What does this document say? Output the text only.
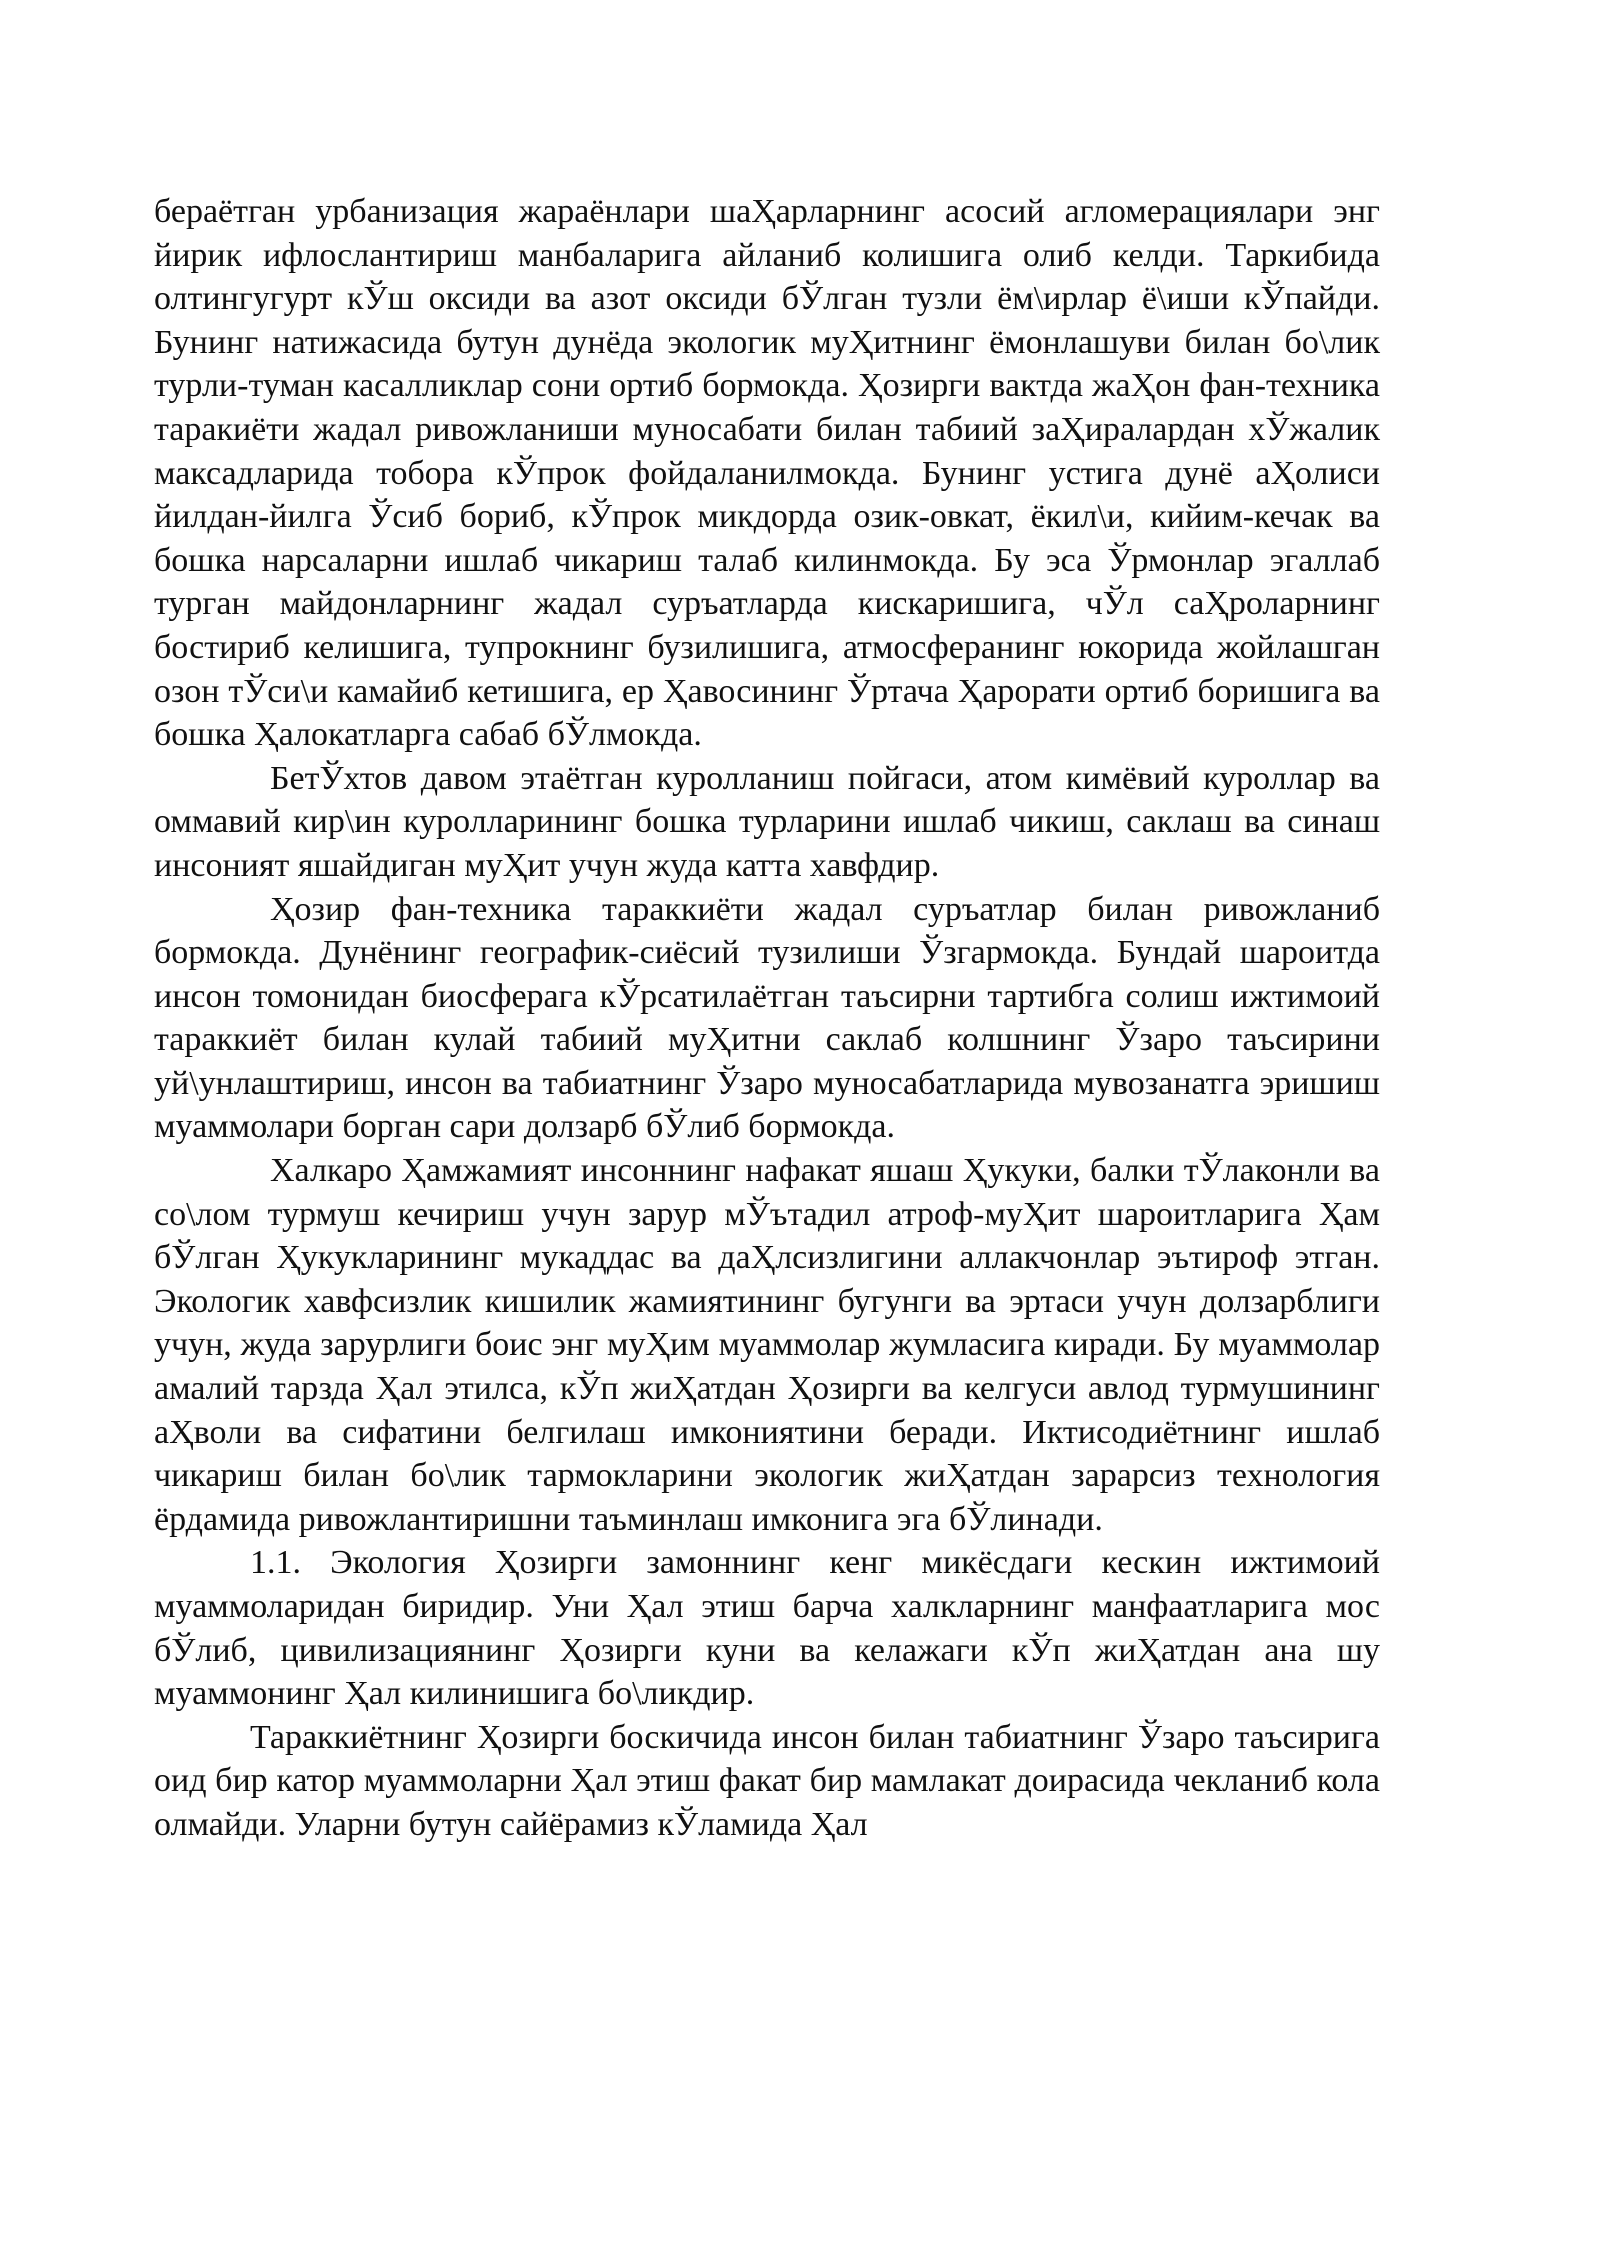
бераётган урбанизация жараёнлари шаҲарларнинг асосий агломерациялари энг йирик ифлослантириш манбаларига айланиб колишига олиб келди. Таркибида олтингугурт кЎш оксиди ва азот оксиди бЎлган тузли ём\ирлар ё\иши кЎпайди. Бунинг натижасида бутун дунёда экологик муҲитнинг ёмонлашуви билан бо\лик турли-туман касалликлар сони ортиб бормокда. Ҳозирги вактда жаҲон фан-техника таракиёти жадал ривожланиши муносабати билан табиий заҲиралардан хЎжалик максадларида тобора кЎпрок фойдаланилмокда. Бунинг устига дунё аҲолиси йилдан-йилга Ўсиб бориб, кЎпрок микдорда озик-овкат, ёкил\и, кийим-кечак ва бошка нарсаларни ишлаб чикариш талаб килинмокда. Бу эса Ўрмонлар эгаллаб турган майдонларнинг жадал суръатларда кискаришига, чЎл саҲроларнинг бостириб келишига, тупрокнинг бузилишига, атмосферанинг юкорида жойлашган озон тЎси\и камайиб кетишига, ер Ҳавосининг Ўртача Ҳарорати ортиб боришига ва бошка Ҳалокатларга сабаб бЎлмокда.

БетЎхтов давом этаётган куролланиш пойгаси, атом кимёвий куроллар ва оммавий кир\ин куролларининг бошка турларини ишлаб чикиш, саклаш ва синаш инсоният яшайдиган муҲит учун жуда катта хавфдир.

Ҳозир фан-техника тараккиёти жадал суръатлар билан ривожланиб бормокда. Дунёнинг географик-сиёсий тузилиши Ўзгармокда. Бундай шароитда инсон томонидан биосферага кЎрсатилаётган таъсирни тартибга солиш ижтимоий тараккиёт билан кулай табиий муҲитни саклаб колшнинг Ўзаро таъсирини уй\унлаштириш, инсон ва табиатнинг Ўзаро муносабатларида мувозанатга эришиш муаммолари борган сари долзарб бЎлиб бормокда.

Халкаро Ҳамжамият инсоннинг нафакат яшаш Ҳукуки, балки тЎлаконли ва со\лом турмуш кечириш учун зарур мЎътадил атроф-муҲит шароитларига Ҳам бЎлган Ҳукукларининг мукаддас ва даҲлсизлигини аллакчонлар эътироф этган. Экологик хавфсизлик кишилик жамиятининг бугунги ва эртаси учун долзарблиги учун, жуда зарурлиги боис энг муҲим муаммолар жумласига киради. Бу муаммолар амалий тарзда Ҳал этилса, кЎп жиҲатдан Ҳозирги ва келгуси авлод турмушининг аҲволи ва сифатини белгилаш имкониятини беради. Иктисодиётнинг ишлаб чикариш билан бо\лик тармокларини экологик жиҲатдан зарарсиз технология ёрдамида ривожлантиришни таъминлаш имконига эга бЎлинади.

1.1. Экология Ҳозирги замоннинг кенг микёсдаги кескин ижтимоий муаммоларидан биридир. Уни Ҳал этиш барча халкларнинг манфаатларига мос бЎлиб, цивилизациянинг Ҳозирги куни ва келажаги кЎп жиҲатдан ана шу муаммонинг Ҳал килинишига бо\ликдир.

Тараккиётнинг Ҳозирги боскичида инсон билан табиатнинг Ўзаро таъсирига оид бир катор муаммоларни Ҳал этиш факат бир мамлакат доирасида чекланиб кола олмайди. Уларни бутун сайёрамиз кЎламида Ҳал
